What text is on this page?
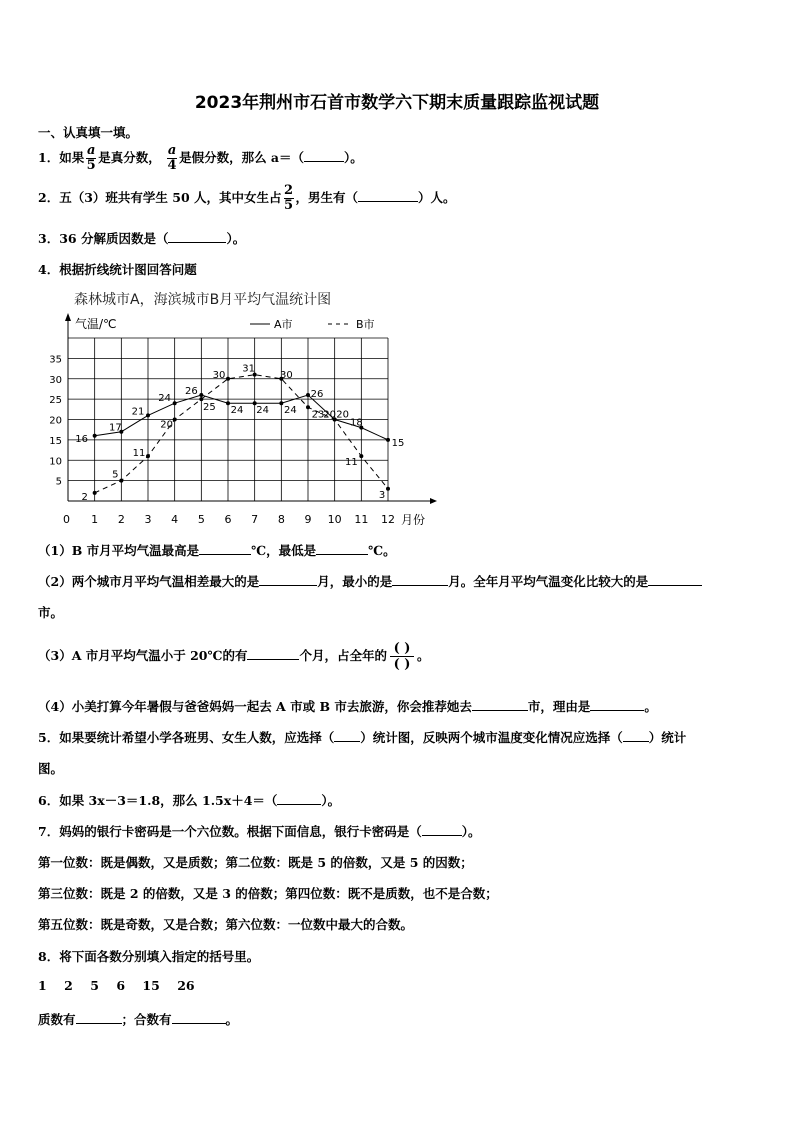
2023年荆州市石首市数学六下期末质量跟踪监视试题
一、认真填一填。
1．如果 $\frac{a}{5}$ 是真分数， $\frac{a}{4}$ 是假分数，那么 a＝（	）。
2．五（3）班共有学生 50 人，其中女生占 $\frac{2}{5}$ ，男生有（	）人。
3．36 分解质因数是（	）。
4．根据折线统计图回答问题
森林城市A，海滨城市B月平均气温统计图
5
10
15
20
25
30
35
1 2 3 4 5 6 7 8 9 10 11 12
16
17
21
24
26
24 24 24
26
20
18
15
2
5
11
20
25
30
31
30
23 20
11
3
A市	B市
气温/℃
月份
0
（1）B 市月平均气温最高是	℃，最低是	℃。
（2）两个城市月平均气温相差最大的是	月，最小的是	月。全年月平均气温变化比较大的是
市。
（3）A 市月平均气温小于 20℃的有	个月，占全年的 ( )
( )
。
（4）小美打算今年暑假与爸爸妈妈一起去 A 市或 B 市去旅游，你会推荐她去	市，理由是	。
5．如果要统计希望小学各班男、女生人数，应选择（ ）统计图，反映两个城市温度变化情况应选择（ ）统计
图。
6．如果 3x－3＝1.8，那么 1.5x＋4＝（	）。
7．妈妈的银行卡密码是一个六位数。根据下面信息，银行卡密码是（	）。
第一位数：既是偶数，又是质数；第二位数：既是 5 的倍数，又是 5 的因数；
第三位数：既是 2 的倍数，又是 3 的倍数；第四位数：既不是质数，也不是合数；
第五位数：既是奇数，又是合数；第六位数：一位数中最大的合数。
8．将下面各数分别填入指定的括号里。
1    2    5    6    15    26
质数有	；合数有	。
